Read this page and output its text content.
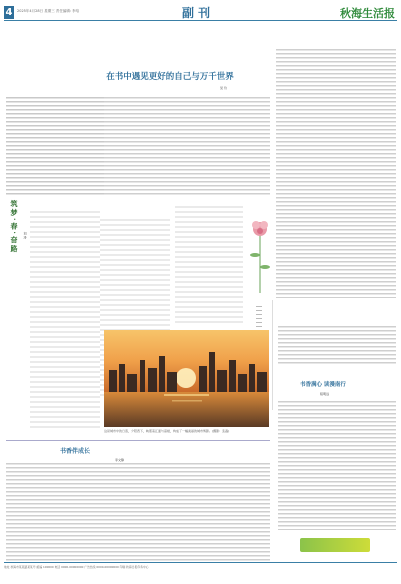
4	2025年4月28日 星期三 责任编辑: 李培	副 刊	秋海生活报
在书中遇见更好的自己与万千世界
吴 玲
筑梦·春·奋路 刘 涛
这是城市中的日落，夕阳西下，映照着江面与高楼，构成了一幅美丽的城市剪影。(摄影：张磊)
书香满心 读漫南行
程明远
书香伴成长
李文静
地址 秋海市某某路某某号 邮编 100000 电话 0000-00000000 广告热线 0000-00000000 印刷 秋海日报印务中心
